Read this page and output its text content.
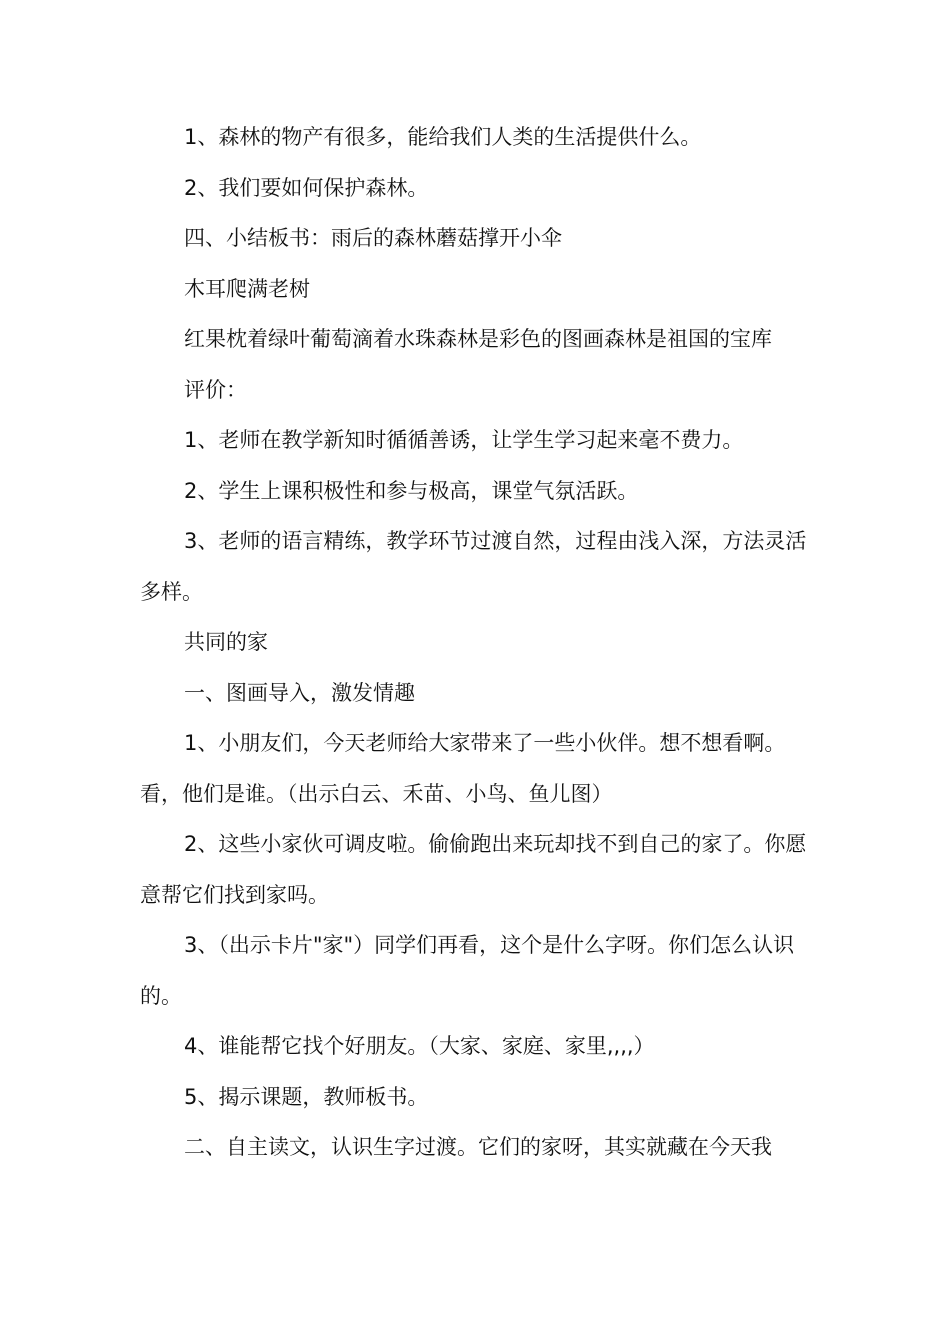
1、森林的物产有很多，能给我们人类的生活提供什么。

2、我们要如何保护森林。

四、小结板书：雨后的森林蘑菇撑开小伞

木耳爬满老树

红果枕着绿叶葡萄滴着水珠森林是彩色的图画森林是祖国的宝库

评价：

1、老师在教学新知时循循善诱，让学生学习起来毫不费力。

2、学生上课积极性和参与极高，课堂气氛活跃。

3、老师的语言精练，教学环节过渡自然，过程由浅入深，方法灵活多样。

共同的家

一、图画导入，激发情趣

1、小朋友们，今天老师给大家带来了一些小伙伴。想不想看啊。看，他们是谁。（出示白云、禾苗、小鸟、鱼儿图）

2、这些小家伙可调皮啦。偷偷跑出来玩却找不到自己的家了。你愿意帮它们找到家吗。

3、（出示卡片"家"）同学们再看，这个是什么字呀。你们怎么认识的。

4、谁能帮它找个好朋友。（大家、家庭、家里,,,,）

5、揭示课题，教师板书。

二、自主读文，认识生字过渡。它们的家呀，其实就藏在今天我
